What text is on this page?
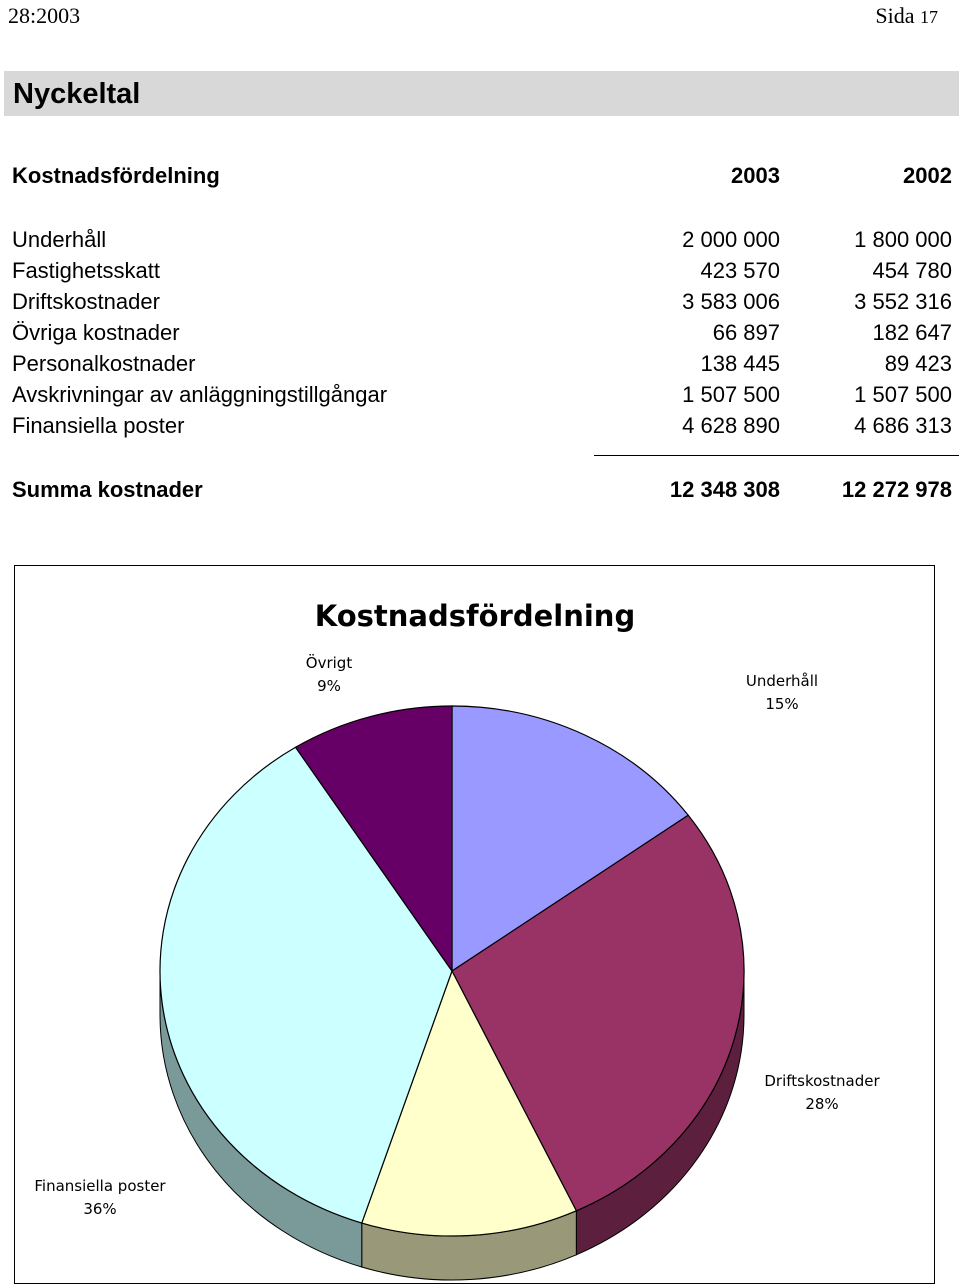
28:2003	Sida 17
Nyckeltal
Kostnadsfördelning	2003	2002
Underhåll	2 000 000	1 800 000
Fastighetsskatt	423 570	454 780
Driftskostnader	3 583 006	3 552 316
Övriga kostnader	66 897	182 647
Personalkostnader	138 445	89 423
Avskrivningar av anläggningstillgångar	1 507 500	1 507 500
Finansiella poster	4 628 890	4 686 313
Summa kostnader	12 348 308	12 272 978
Kostnadsfördelning
Underhåll
15%
Driftskostnader
28%
Finansiella poster
36%
Övrigt
9%
